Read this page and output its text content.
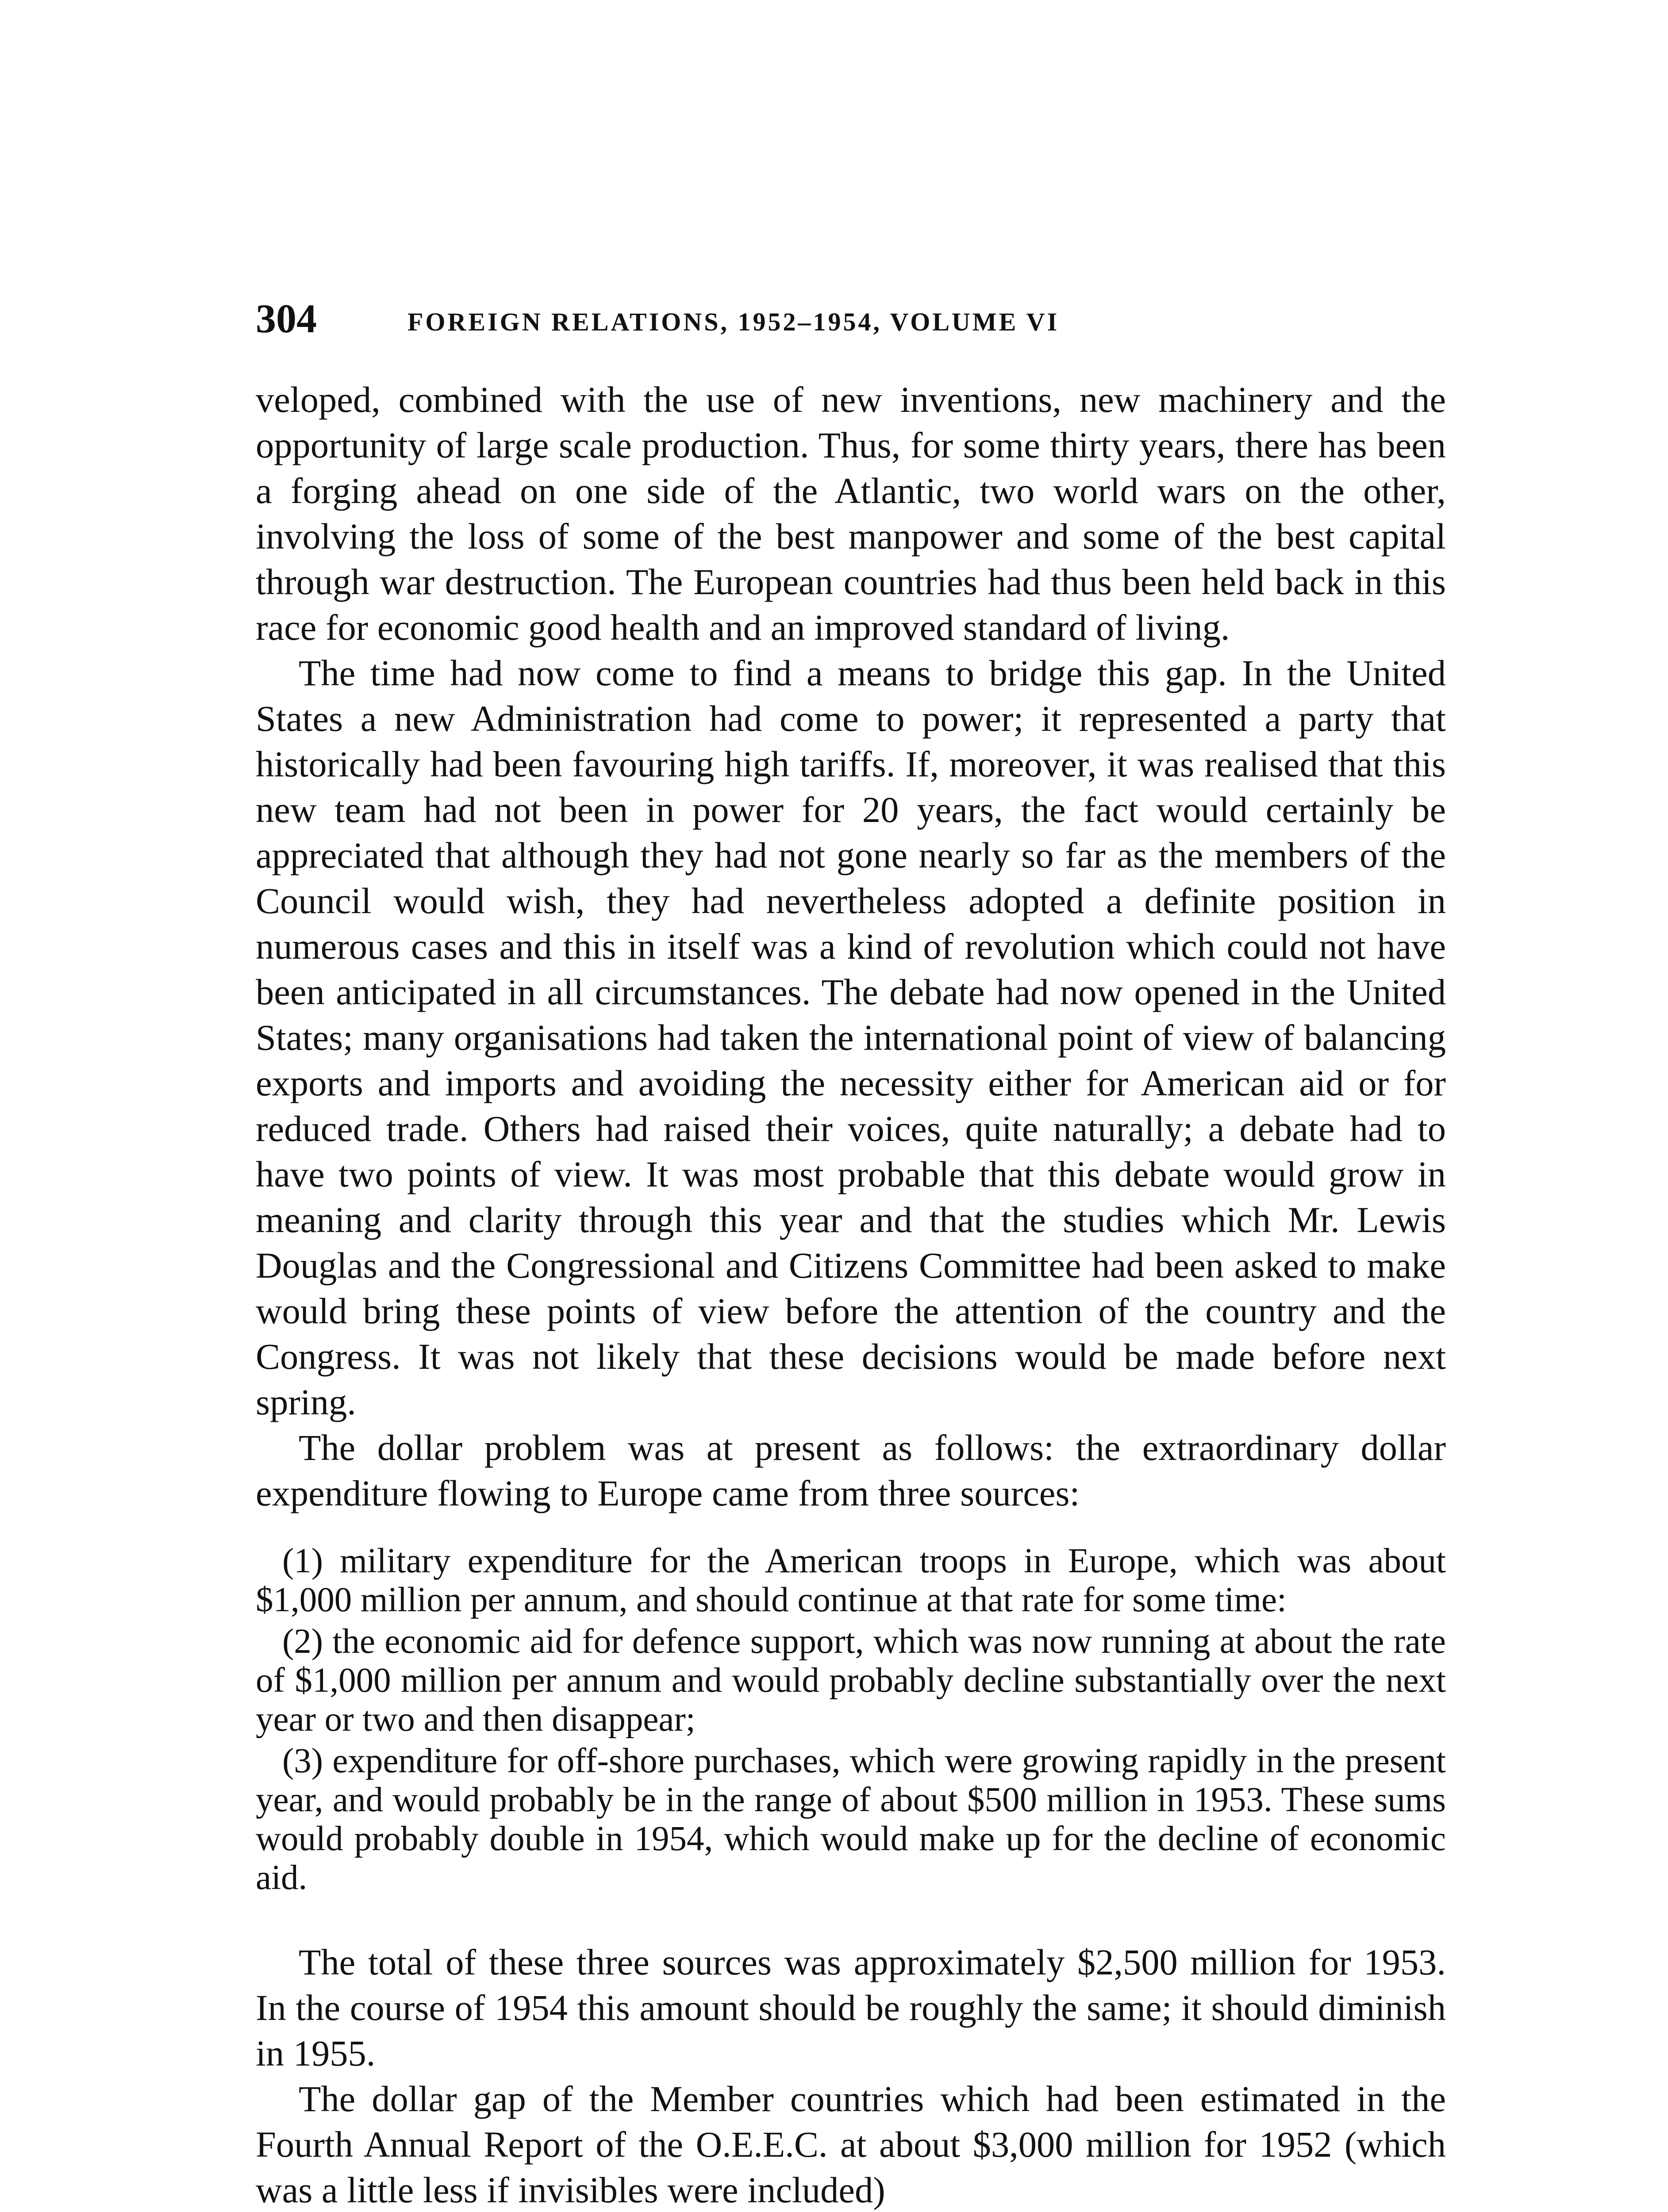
304	FOREIGN RELATIONS, 1952–1954, VOLUME VI

veloped, combined with the use of new inventions, new machinery and the opportunity of large scale production. Thus, for some thirty years, there has been a forging ahead on one side of the Atlantic, two world wars on the other, involving the loss of some of the best manpower and some of the best capital through war destruction. The European countries had thus been held back in this race for economic good health and an improved standard of living.

The time had now come to find a means to bridge this gap. In the United States a new Administration had come to power; it represented a party that historically had been favouring high tariffs. If, moreover, it was realised that this new team had not been in power for 20 years, the fact would certainly be appreciated that although they had not gone nearly so far as the members of the Council would wish, they had nevertheless adopted a definite position in numerous cases and this in itself was a kind of revolution which could not have been anticipated in all circumstances. The debate had now opened in the United States; many organisations had taken the international point of view of balancing exports and imports and avoiding the necessity either for American aid or for reduced trade. Others had raised their voices, quite naturally; a debate had to have two points of view. It was most probable that this debate would grow in meaning and clarity through this year and that the studies which Mr. Lewis Douglas and the Congressional and Citizens Committee had been asked to make would bring these points of view before the attention of the country and the Congress. It was not likely that these decisions would be made before next spring.

The dollar problem was at present as follows: the extraordinary dollar expenditure flowing to Europe came from three sources:

(1) military expenditure for the American troops in Europe, which was about $1,000 million per annum, and should continue at that rate for some time:

(2) the economic aid for defence support, which was now running at about the rate of $1,000 million per annum and would probably decline substantially over the next year or two and then disappear;

(3) expenditure for off-shore purchases, which were growing rapidly in the present year, and would probably be in the range of about $500 million in 1953. These sums would probably double in 1954, which would make up for the decline of economic aid.

The total of these three sources was approximately $2,500 million for 1953. In the course of 1954 this amount should be roughly the same; it should diminish in 1955.

The dollar gap of the Member countries which had been estimated in the Fourth Annual Report of the O.E.E.C. at about $3,000 million for 1952 (which was a little less if invisibles were included)
